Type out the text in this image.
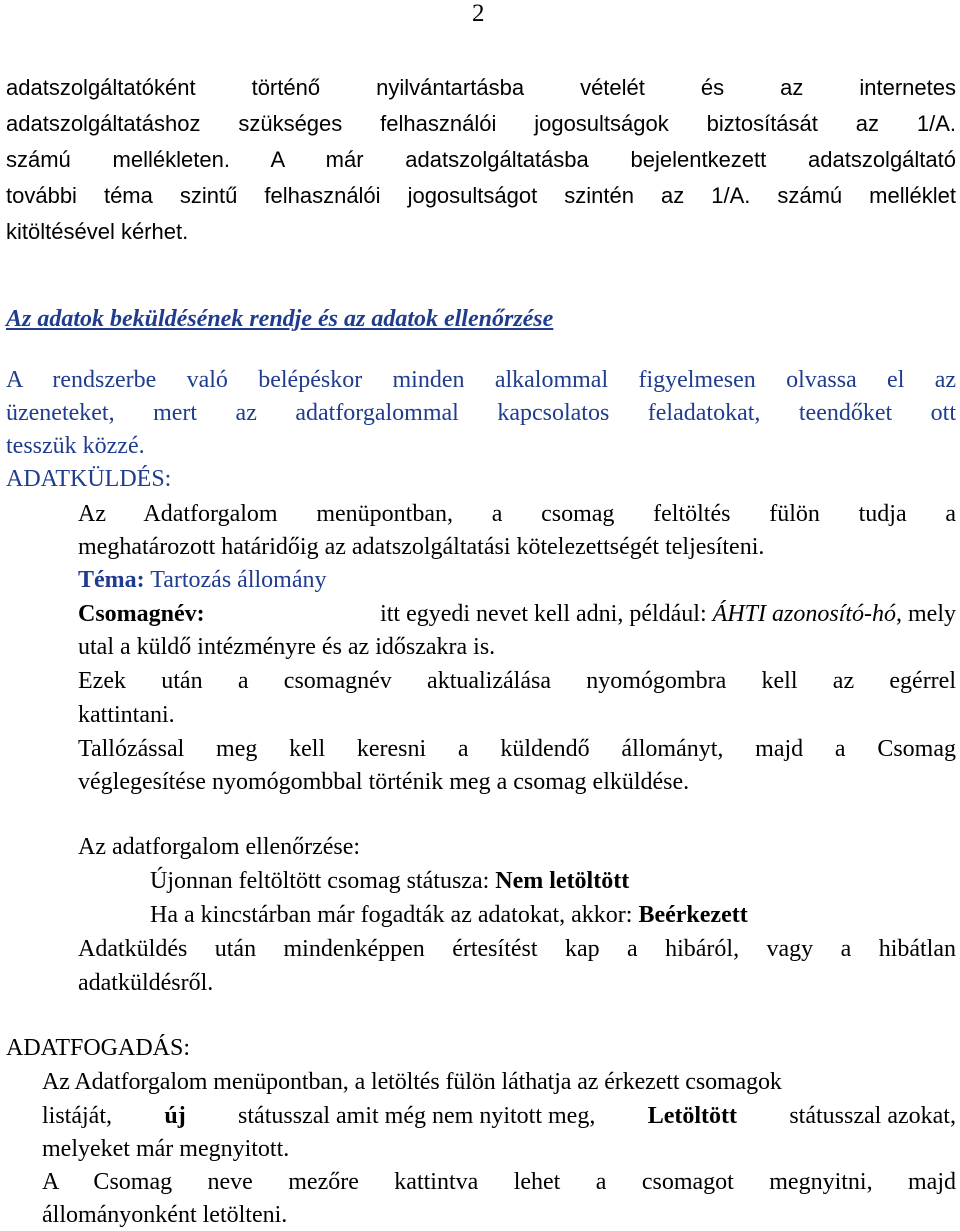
2
adatszolgáltatóként történő nyilvántartásba vételét és az internetes
adatszolgáltatáshoz szükséges felhasználói jogosultságok biztosítását az 1/A.
számú mellékleten. A már adatszolgáltatásba bejelentkezett adatszolgáltató
további téma szintű felhasználói jogosultságot szintén az 1/A. számú melléklet
kitöltésével kérhet.
Az adatok beküldésének rendje és az adatok ellenőrzése
A rendszerbe való belépéskor minden alkalommal figyelmesen olvassa el az
üzeneteket, mert az adatforgalommal kapcsolatos feladatokat, teendőket ott
tesszük közzé.
ADATKÜLDÉS:
Az Adatforgalom menüpontban, a csomag feltöltés fülön tudja a
meghatározott határidőig az adatszolgáltatási kötelezettségét teljesíteni.
Téma: Tartozás állomány
Csomagnév:	itt egyedi nevet kell adni, például: ÁHTI azonosító-hó, mely
utal a küldő intézményre és az időszakra is.
Ezek után a csomagnév aktualizálása nyomógombra kell az egérrel
kattintani.
Tallózással meg kell keresni a küldendő állományt, majd a Csomag
véglegesítése nyomógombbal történik meg a csomag elküldése.
Az adatforgalom ellenőrzése:
Újonnan feltöltött csomag státusza: Nem letöltött
Ha a kincstárban már fogadták az adatokat, akkor: Beérkezett
Adatküldés után mindenképpen értesítést kap a hibáról, vagy a hibátlan
adatküldésről.
ADATFOGADÁS:
Az Adatforgalom menüpontban, a letöltés fülön láthatja az érkezett csomagok
listáját, új státusszal amit még nem nyitott meg, Letöltött státusszal azokat,
melyeket már megnyitott.
A Csomag neve mezőre kattintva lehet a csomagot megnyitni, majd
állományonként letölteni.
